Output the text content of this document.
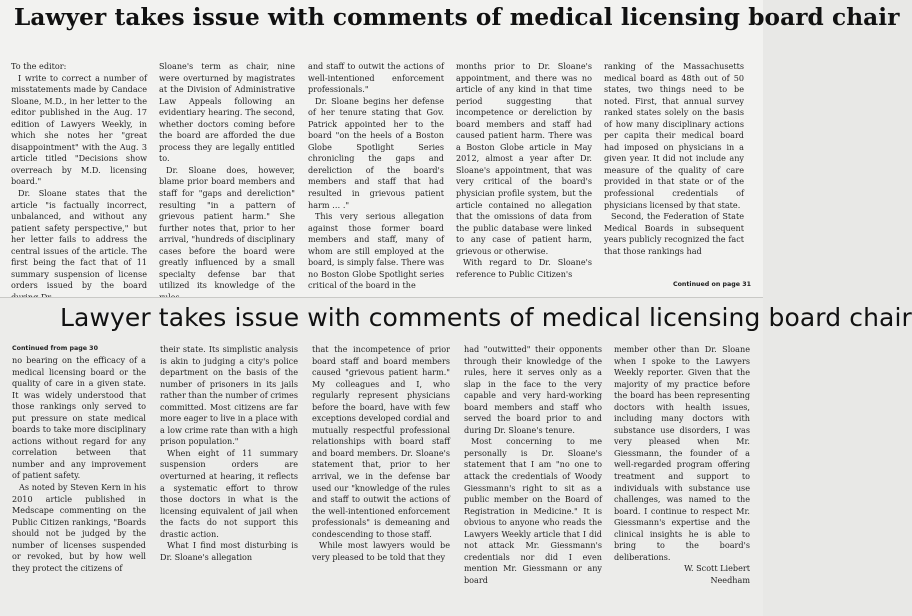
Lawyer takes issue with comments of medical licensing board chair

To the editor:

I write to correct a number of misstatements made by Candace Sloane, M.D., in her letter to the editor published in the Aug. 17 edition of Lawyers Weekly, in which she notes her "great disappointment" with the Aug. 3 article titled "Decisions show overreach by M.D. licensing board."

Dr. Sloane states that the article "is factually incorrect, unbalanced, and without any patient safety perspective," but her letter fails to address the central issues of the article. The first being the fact that of 11 summary suspension of license orders issued by the board

Sloane's term as chair, nine were overturned by magistrates at the Division of Administrative Law Appeals following an evidentiary hearing. The second, whether doctors coming before the board are afforded the due process they are legally entitled to.

Dr. Sloane does, however, blame prior board members and staff for "gaps and dereliction" resulting "in a pattern of grievous patient harm." She further notes that, prior to her arrival, "hundreds of disciplinary cases before the board were greatly influenced by a small specialty defense bar that utilized its knowledge of the

and staff to outwit the actions of well-intentioned enforcement professionals."

Dr. Sloane begins her defense of her tenure stating that Gov. Patrick appointed her to the board "on the heels of a Boston Globe Spotlight Series chronicling the gaps and dereliction of the board's members and staff that had resulted in grievous patient harm … ."

This very serious allegation against those former board members and staff, many of whom are still employed at the board, is simply false. There was no Boston Globe Spotlight series critical of the board in the

months prior to Dr. Sloane's appointment, and there was no article of any kind in that time period suggesting that incompetence or dereliction by board members and staff had caused patient harm. There was a Boston Globe article in May 2012, almost a year after Dr. Sloane's appointment, that was very critical of the board's physician profile system, but the article contained no allegation that the omissions of data from the public database were linked to any case of patient harm, grievous or otherwise.

With regard to Dr. Sloane's reference to Public Citizen's

ranking of the Massachusetts medical board as 48th out of 50 states, two things need to be noted. First, that annual survey ranked states solely on the basis of how many disciplinary actions per capita their medical board had imposed on physicians in a given year. It did not include any measure of the quality of care provided in that state or of the professional credentials of physicians licensed by that state.

Second, the Federation of State Medical Boards in subsequent years publicly recognized the fact that those rankings had

Continued on page 31
Lawyer takes issue with comments of medical licensing board chair
Continued from page 30

no bearing on the efficacy of a medical licensing board or the quality of care in a given state. It was widely understood that those rankings only served to put pressure on state medical boards to take more disciplinary actions without regard for any correlation between that number and any improvement of patient safety.

As noted by Steven Kern in his 2010 article published in Medscape commenting on the Public Citizen rankings, "Boards should not be judged by the number of licenses suspended or revoked, but by how well they protect the citizens of

their state. Its simplistic analysis is akin to judging a city's police department on the basis of the number of prisoners in its jails rather than the number of crimes committed. Most citizens are far more eager to live in a place with a low crime rate than with a high prison population."

When eight of 11 summary suspension orders are overturned at hearing, it reflects a systematic effort to throw those doctors in what is the licensing equivalent of jail when the facts do not support this drastic action.

What I find most disturbing is Dr. Sloane's allegation

that the incompetence of prior board staff and board members caused "grievous patient harm." My colleagues and I, who regularly represent physicians before the board, have with few exceptions developed cordial and mutually respectful professional relationships with board staff and board members. Dr. Sloane's statement that, prior to her arrival, we in the defense bar used our "knowledge of the rules and staff to outwit the actions of the well-intentioned enforcement professionals" is demeaning and condescending to those staff.

While most lawyers would be very pleased to be told that they

had "outwitted" their opponents through their knowledge of the rules, here it serves only as a slap in the face to the very capable and very hard-working board members and staff who served the board prior to and during Dr. Sloane's tenure.

Most concerning to me personally is Dr. Sloane's statement that I am "no one to attack the credentials of Woody Giessmann's right to sit as a public member on the Board of Registration in Medicine." It is obvious to anyone who reads the Lawyers Weekly article that I did not attack Mr. Giessmann's credentials nor did I even mention Mr. Giessmann or any board

member other than Dr. Sloane when I spoke to the Lawyers Weekly reporter. Given that the majority of my practice before the board has been representing doctors with health issues, including many doctors with substance use disorders, I was very pleased when Mr. Giessmann, the founder of a well-regarded program offering treatment and support to individuals with substance use challenges, was named to the board. I continue to respect Mr. Giessmann's expertise and the clinical insights he is able to bring to the board's deliberations.

W. Scott Liebert

Needham
